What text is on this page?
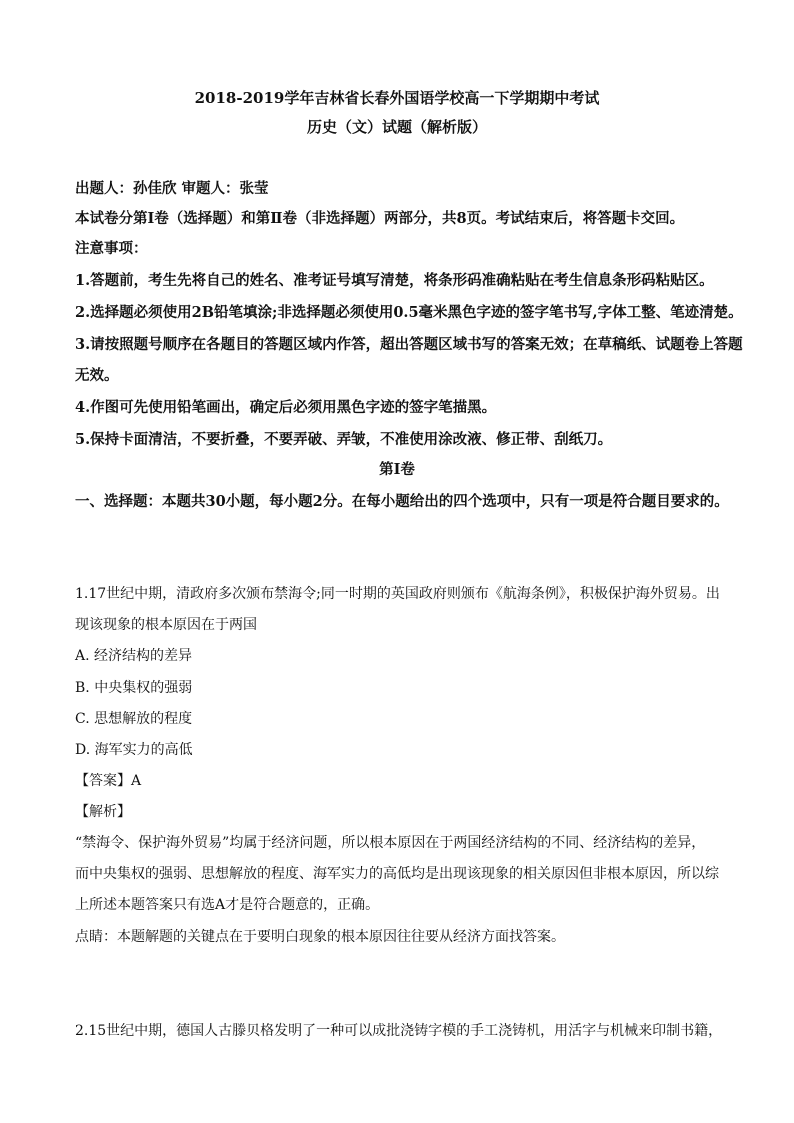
2018-2019学年吉林省长春外国语学校高一下学期期中考试
历史（文）试题（解析版）
出题人：孙佳欣 审题人：张莹
本试卷分第Ⅰ卷（选择题）和第Ⅱ卷（非选择题）两部分，共8页。考试结束后，将答题卡交回。
注意事项：
1.答题前，考生先将自己的姓名、准考证号填写清楚，将条形码准确粘贴在考生信息条形码粘贴区。
2.选择题必须使用2B铅笔填涂;非选择题必须使用0.5毫米黑色字迹的签字笔书写,字体工整、笔迹清楚。
3.请按照题号顺序在各题目的答题区域内作答，超出答题区域书写的答案无效；在草稿纸、试题卷上答题
无效。
4.作图可先使用铅笔画出，确定后必须用黑色字迹的签字笔描黑。
5.保持卡面清洁，不要折叠，不要弄破、弄皱，不准使用涂改液、修正带、刮纸刀。
第Ⅰ卷
一、选择题：本题共30小题，每小题2分。在每小题给出的四个选项中，只有一项是符合题目要求的。
1.17世纪中期，清政府多次颁布禁海令;同一时期的英国政府则颁布《航海条例》，积极保护海外贸易。出
现该现象的根本原因在于两国
A. 经济结构的差异
B. 中央集权的强弱
C. 思想解放的程度
D. 海军实力的高低
【答案】A
【解析】
“禁海令、保护海外贸易”均属于经济问题，所以根本原因在于两国经济结构的不同、经济结构的差异，
而中央集权的强弱、思想解放的程度、海军实力的高低均是出现该现象的相关原因但非根本原因，所以综
上所述本题答案只有选A才是符合题意的，正确。
点睛：本题解题的关键点在于要明白现象的根本原因往往要从经济方面找答案。
2.15世纪中期，德国人古滕贝格发明了一种可以成批浇铸字模的手工浇铸机，用活字与机械来印制书籍，
